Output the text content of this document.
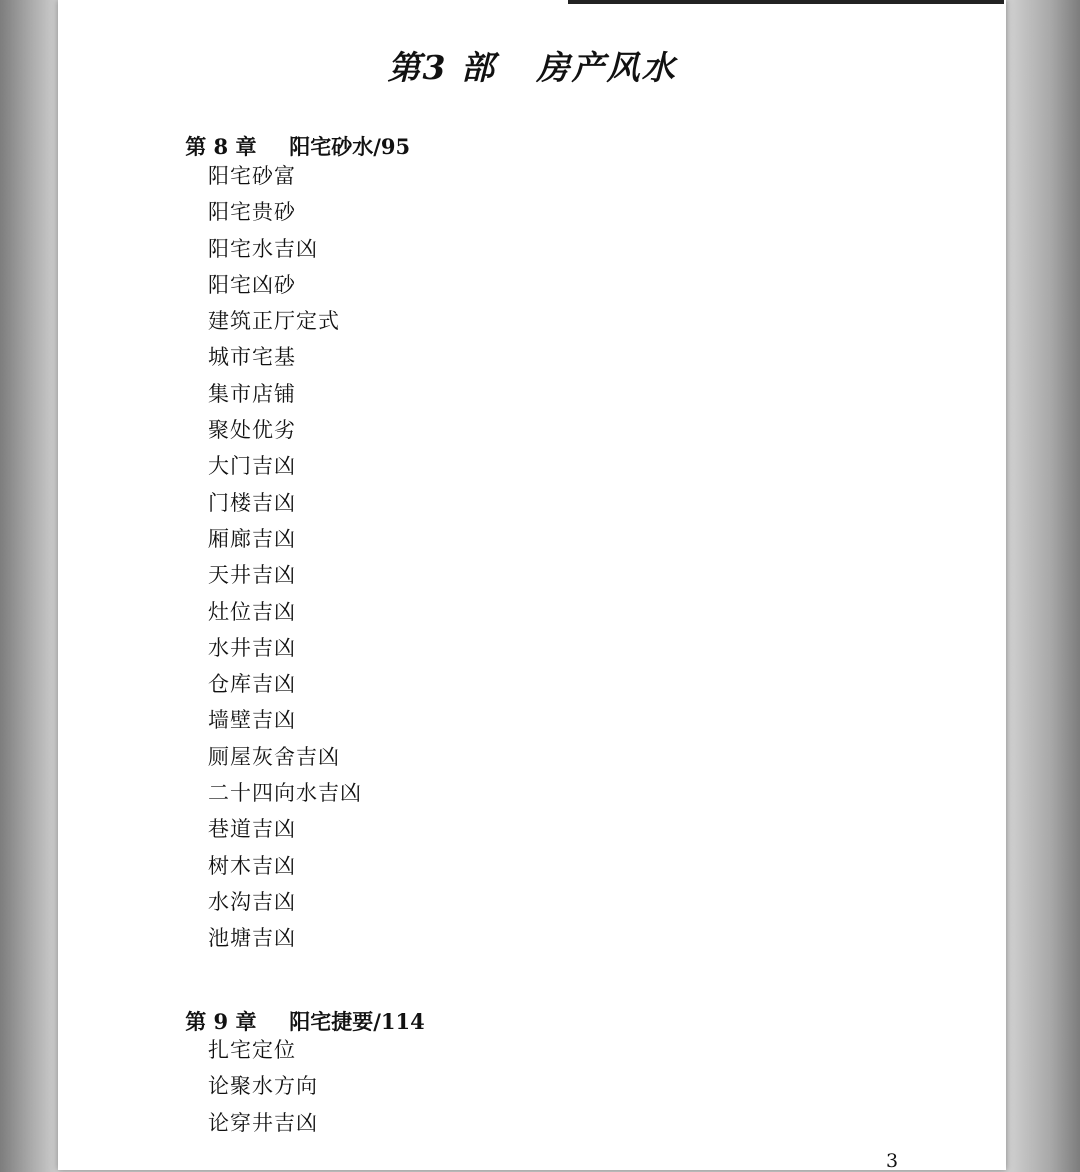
第3 部   房产风水

第 8 章 阳宅砂水/95

阳宅砂富
阳宅贵砂
阳宅水吉凶
阳宅凶砂
建筑正厅定式
城市宅基
集市店铺
聚处优劣
大门吉凶
门楼吉凶
厢廊吉凶
天井吉凶
灶位吉凶
水井吉凶
仓库吉凶
墙壁吉凶
厕屋灰舍吉凶
二十四向水吉凶
巷道吉凶
树木吉凶
水沟吉凶
池塘吉凶

第 9 章 阳宅捷要/114

扎宅定位
论聚水方向
论穿井吉凶
3
